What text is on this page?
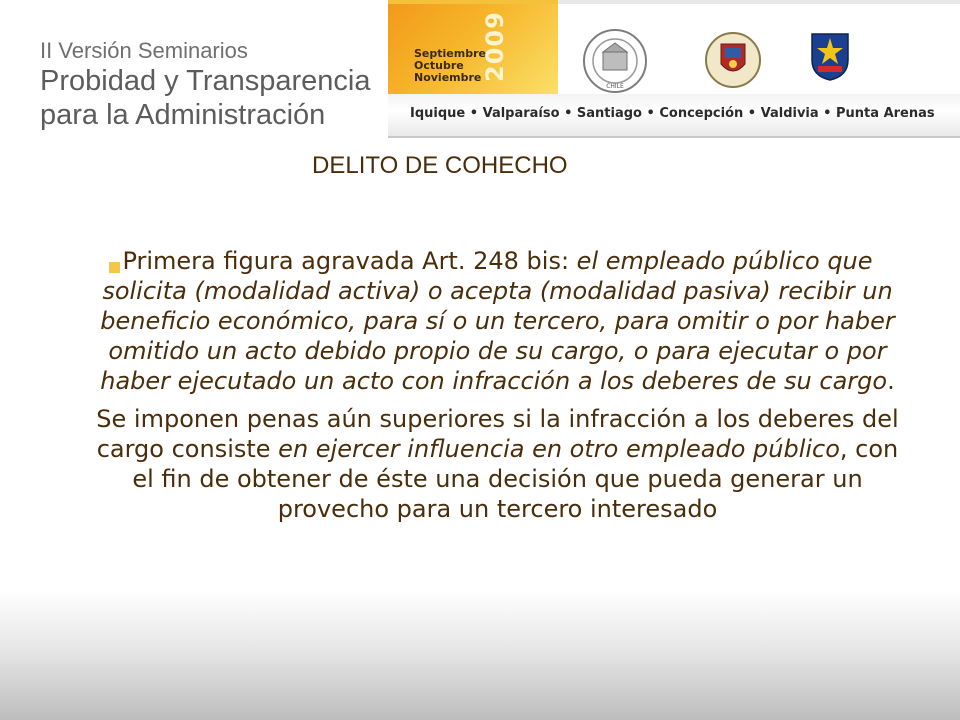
II Versión Seminarios
Probidad y Transparencia
para la Administración
Septiembre
Octubre
Noviembre 2009
CHILE
Iquique • Valparaíso • Santiago • Concepción • Valdivia • Punta Arenas
DELITO DE COHECHO

Primera figura agravada Art. 248 bis: el empleado público que solicita (modalidad activa) o acepta (modalidad pasiva) recibir un beneficio económico, para sí o un tercero, para omitir o por haber omitido un acto debido propio de su cargo, o para ejecutar o por haber ejecutado un acto con infracción a los deberes de su cargo.

Se imponen penas aún superiores si la infracción a los deberes del cargo consiste en ejercer influencia en otro empleado público, con el fin de obtener de éste una decisión que pueda generar un provecho para un tercero interesado
